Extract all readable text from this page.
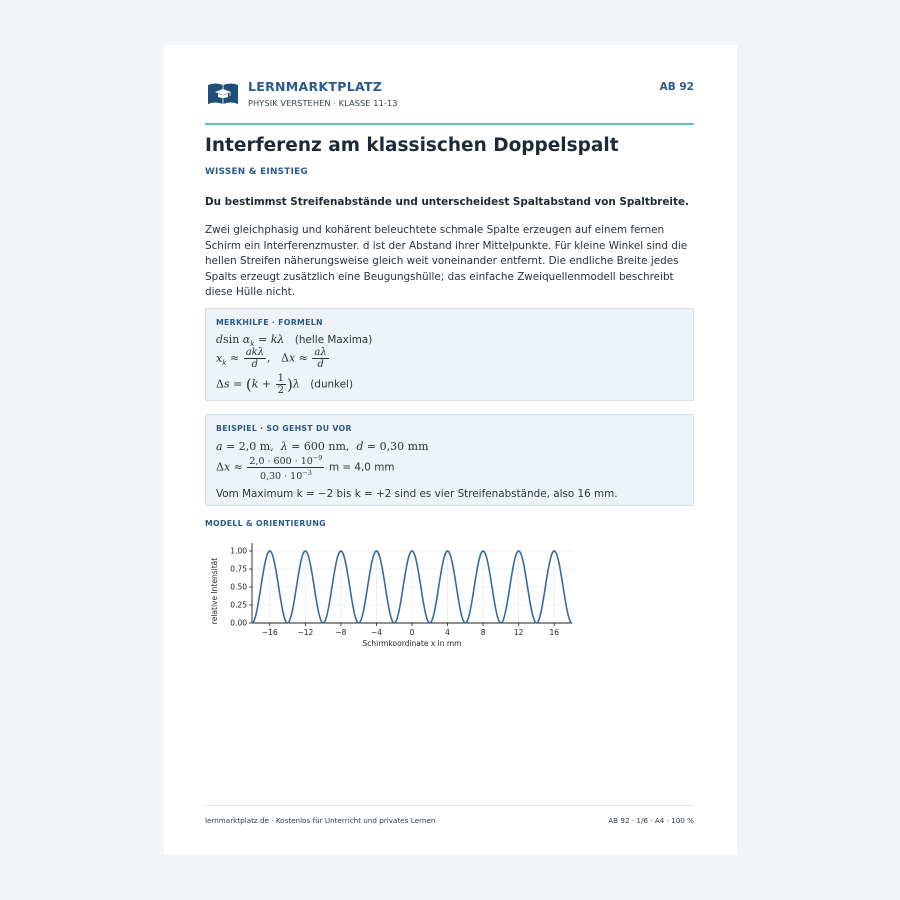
LERNMARKTPLATZ
PHYSIK VERSTEHEN · KLASSE 11-13
AB 92
Interferenz am klassischen Doppelspalt
WISSEN & EINSTIEG
Du bestimmst Streifenabstände und unterscheidest Spaltabstand von Spaltbreite.
Zwei gleichphasig und kohärent beleuchtete schmale Spalte erzeugen auf einem fernen Schirm ein Interferenzmuster. d ist der Abstand ihrer Mittelpunkte. Für kleine Winkel sind die hellen Streifen näherungsweise gleich weit voneinander entfernt. Die endliche Breite jedes Spalts erzeugt zusätzlich eine Beugungshülle; das einfache Zweiquellenmodell beschreibt diese Hülle nicht.
MERKHILFE · FORMELN
dsin $\alpha_k = k\lambda$ (helle Maxima)
$x_k \approx \frac{\text{akλ}}{d}$ ,   $\Delta x \approx \frac{a\lambda}{d}$
$\Delta s = (k + \frac{1}{2} )\lambda$ (dunkel)
BEISPIEL · SO GEHST DU VOR
a = 2,0 m,  λ = 600 nm,  d = 0,30 mm
$\Delta x \approx \frac{2,0 \cdot 600 \cdot 10^{-9}}{0,30 \cdot 10^{-3}}$ m = 4,0 mm
Vom Maximum k = −2 bis k = +2 sind es vier Streifenabstände, also 16 mm.
MODELL & ORIENTIERUNG
−16	−12	−8	−4	0	4	8	12	16
0.00
0.25
0.50
0.75
1.00
Schirmkoordinate x in mm
relative Intensität
lernmarktplatz.de · Kostenlos für Unterricht und privates Lernen	AB 92 · 1/6 · A4 · 100 %
